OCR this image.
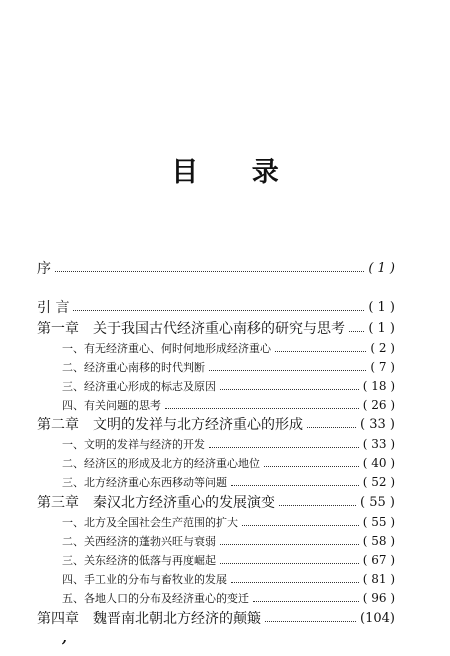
目 录
序	( 1 )
引 言	( 1 )
第一章　关于我国古代经济重心南移的研究与思考 ( 1 )
一、有无经济重心、何时何地形成经济重心	( 2 )
二、经济重心南移的时代判断	( 7 )
三、经济重心形成的标志及原因	( 18 )
四、有关问题的思考	( 26 )
第二章　文明的发祥与北方经济重心的形成	( 33 )
一、文明的发祥与经济的开发	( 33 )
二、经济区的形成及北方的经济重心地位	( 40 )
三、北方经济重心东西移动等问题	( 52 )
第三章　秦汉北方经济重心的发展演变	( 55 )
一、北方及全国社会生产范围的扩大	( 55 )
二、关西经济的蓬勃兴旺与衰弱	( 58 )
三、关东经济的低落与再度崛起	( 67 )
四、手工业的分布与畜牧业的发展	( 81 )
五、各地人口的分布及经济重心的变迁	( 96 )
第四章　魏晋南北朝北方经济的颠簸	(104)
,
